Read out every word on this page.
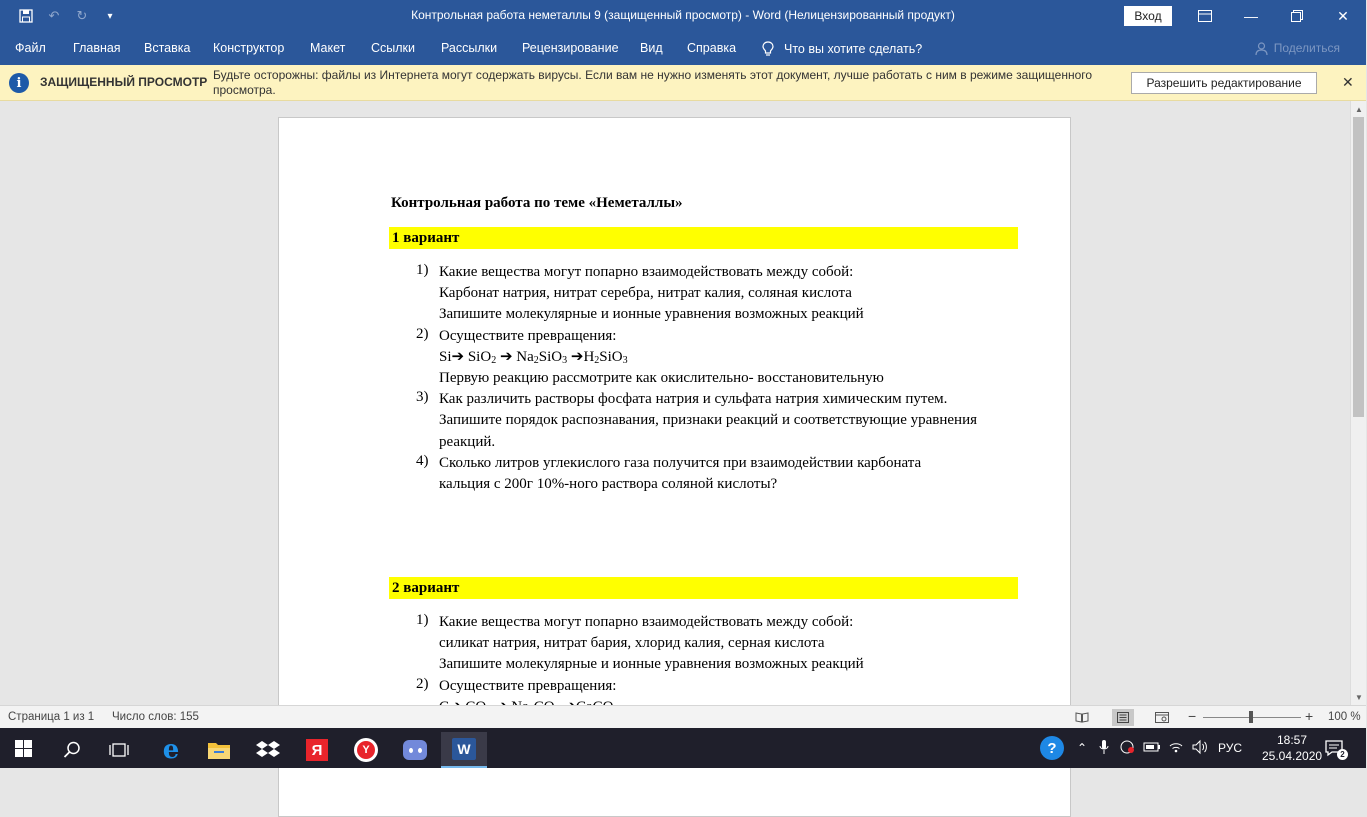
↶	↻	▾	Контрольная работа неметаллы 9 (защищенный просмотр) - Word (Нелицензированный продукт)	Вход	—	✕
Файл Главная Вставка Конструктор Макет Ссылки Рассылки Рецензирование Вид Справка	Что вы хотите сделать?	Поделиться
i	ЗАЩИЩЕННЫЙ ПРОСМОТР Будьте осторожны: файлы из Интернета могут содержать вирусы. Если вам не нужно изменять этот документ, лучше работать с ним в режиме защищенного просмотра.	Разрешить редактирование	✕
Контрольная работа по теме «Неметаллы»
1 вариант
1) Какие вещества могут попарно взаимодействовать между собой:
Карбонат натрия, нитрат серебра, нитрат калия, соляная кислота
Запишите молекулярные и ионные уравнения возможных реакций
2) Осуществите превращения:
Si➔ SiO$_2$ ➔ $Na_2SiO_3$ $➔H_2SiO_3$
Первую реакцию рассмотрите как окислительно- восстановительную
3) Как различить растворы фосфата натрия и сульфата натрия химическим путем.
Запишите порядок распознавания, признаки реакций и соответствующие уравнения реакций.
4) Сколько литров углекислого газа получится при взаимодействии карбоната
кальция с 200г 10%-ного раствора соляной кислоты?
2 вариант
1) Какие вещества могут попарно взаимодействовать между собой:
силикат натрия, нитрат бария, хлорид калия, серная кислота
Запишите молекулярные и ионные уравнения возможных реакций
2) Осуществите превращения:
▲
▼
Страница 1 из 1 Число слов: 155	−	+ 100 %
e	Я	Y	W	?	⌃	РУС
18:57
25.04.2020	2
